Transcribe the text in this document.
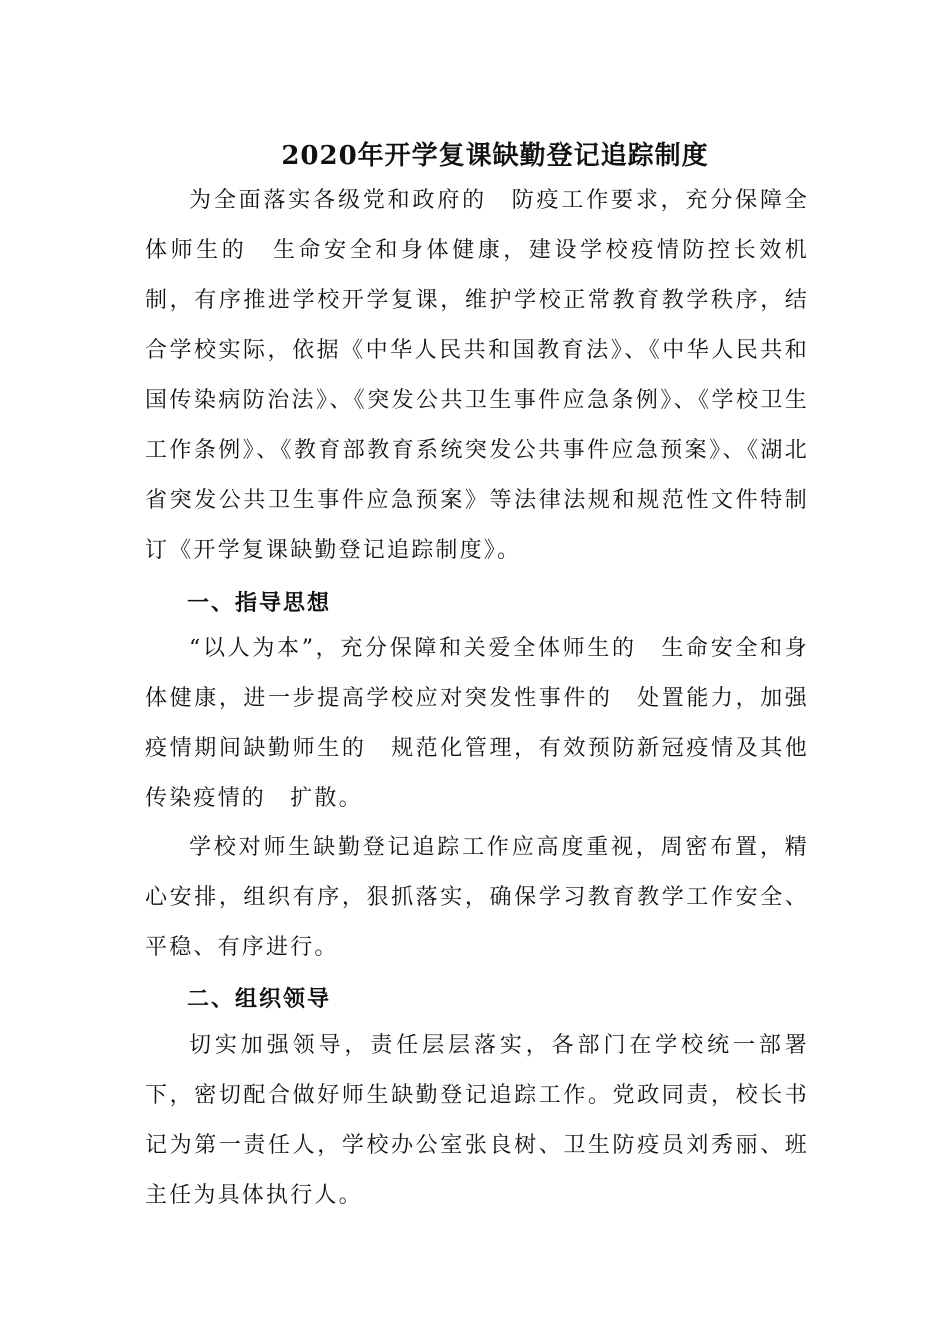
2020年开学复课缺勤登记追踪制度

为全面落实各级党和政府的　防疫工作要求，充分保障全体师生的　生命安全和身体健康，建设学校疫情防控长效机制，有序推进学校开学复课，维护学校正常教育教学秩序，结合学校实际，依据《中华人民共和国教育法》、《中华人民共和国传染病防治法》、《突发公共卫生事件应急条例》、《学校卫生工作条例》、《教育部教育系统突发公共事件应急预案》、《湖北省突发公共卫生事件应急预案》等法律法规和规范性文件特制订《开学复课缺勤登记追踪制度》。

一、指导思想

“以人为本”，充分保障和关爱全体师生的　生命安全和身体健康，进一步提高学校应对突发性事件的　处置能力，加强疫情期间缺勤师生的　规范化管理，有效预防新冠疫情及其他传染疫情的　扩散。

学校对师生缺勤登记追踪工作应高度重视，周密布置，精心安排，组织有序，狠抓落实，确保学习教育教学工作安全、平稳、有序进行。

二、组织领导

切实加强领导，责任层层落实，各部门在学校统一部署下，密切配合做好师生缺勤登记追踪工作。党政同责，校长书记为第一责任人，学校办公室张良树、卫生防疫员刘秀丽、班主任为具体执行人。
